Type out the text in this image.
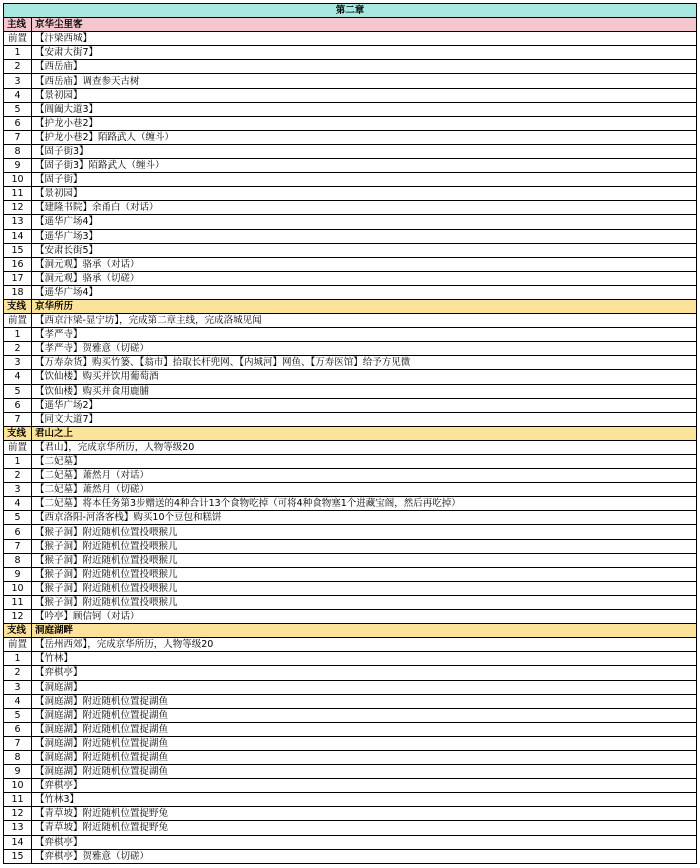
第二章	
主线	京华尘里客
前置	【汴梁西城】
1	【安肃大街7】
2	【西岳庙】
3	【西岳庙】调查参天古树
4	【景初园】
5	【阊阖大道3】
6	【护龙小巷2】
7	【护龙小巷2】陌路武人（缠斗）
8	【固子街3】
9	【固子街3】陌路武人（缠斗）
10	【固子街】
11	【景初园】
12	【建隆书院】余甬白（对话）
13	【遥华广场4】
14	【遥华广场3】
15	【安肃长街5】
16	【洞元观】骆承（对话）
17	【洞元观】骆承（切磋）
18	【遥华广场4】
支线	京华所历
前置	【西京汴梁-显宁坊】，完成第二章主线，完成洛城见闻
1	【孝严寺】
2	【孝严寺】贺雅意（切磋）
3	【万寿杂货】购买竹篓、【翁市】拾取长杆兜网、【内城河】网鱼、【万寿医馆】给予方见微
4	【饮仙楼】购买并饮用葡萄酒
5	【饮仙楼】购买并食用鹿脯
6	【遥华广场2】
7	【同文大道7】
支线	君山之上
前置	【君山】，完成京华所历，人物等级20
1	【二妃墓】
2	【二妃墓】萧然月（对话）
3	【二妃墓】萧然月（切磋）
4	【二妃墓】将本任务第3步赠送的4种合计13个食物吃掉（可将4种食物塞1个进藏宝阁，然后再吃掉）
5	【西京洛阳-河洛客栈】购买10个豆包和糕饼
6	【猴子洞】附近随机位置投喂猴儿
7	【猴子洞】附近随机位置投喂猴儿
8	【猴子洞】附近随机位置投喂猴儿
9	【猴子洞】附近随机位置投喂猴儿
10	【猴子洞】附近随机位置投喂猴儿
11	【猴子洞】附近随机位置投喂猴儿
12	【吟亭】顾信钶（对话）
支线	洞庭湖畔
前置	【岳州西郊】，完成京华所历，人物等级20
1	【竹林】
2	【弈棋亭】
3	【洞庭湖】
4	【洞庭湖】附近随机位置捉湖鱼
5	【洞庭湖】附近随机位置捉湖鱼
6	【洞庭湖】附近随机位置捉湖鱼
7	【洞庭湖】附近随机位置捉湖鱼
8	【洞庭湖】附近随机位置捉湖鱼
9	【洞庭湖】附近随机位置捉湖鱼
10	【弈棋亭】
11	【竹林3】
12	【青草坡】附近随机位置捉野兔
13	【青草坡】附近随机位置捉野兔
14	【弈棋亭】
15	【弈棋亭】贺雅意（切磋）
